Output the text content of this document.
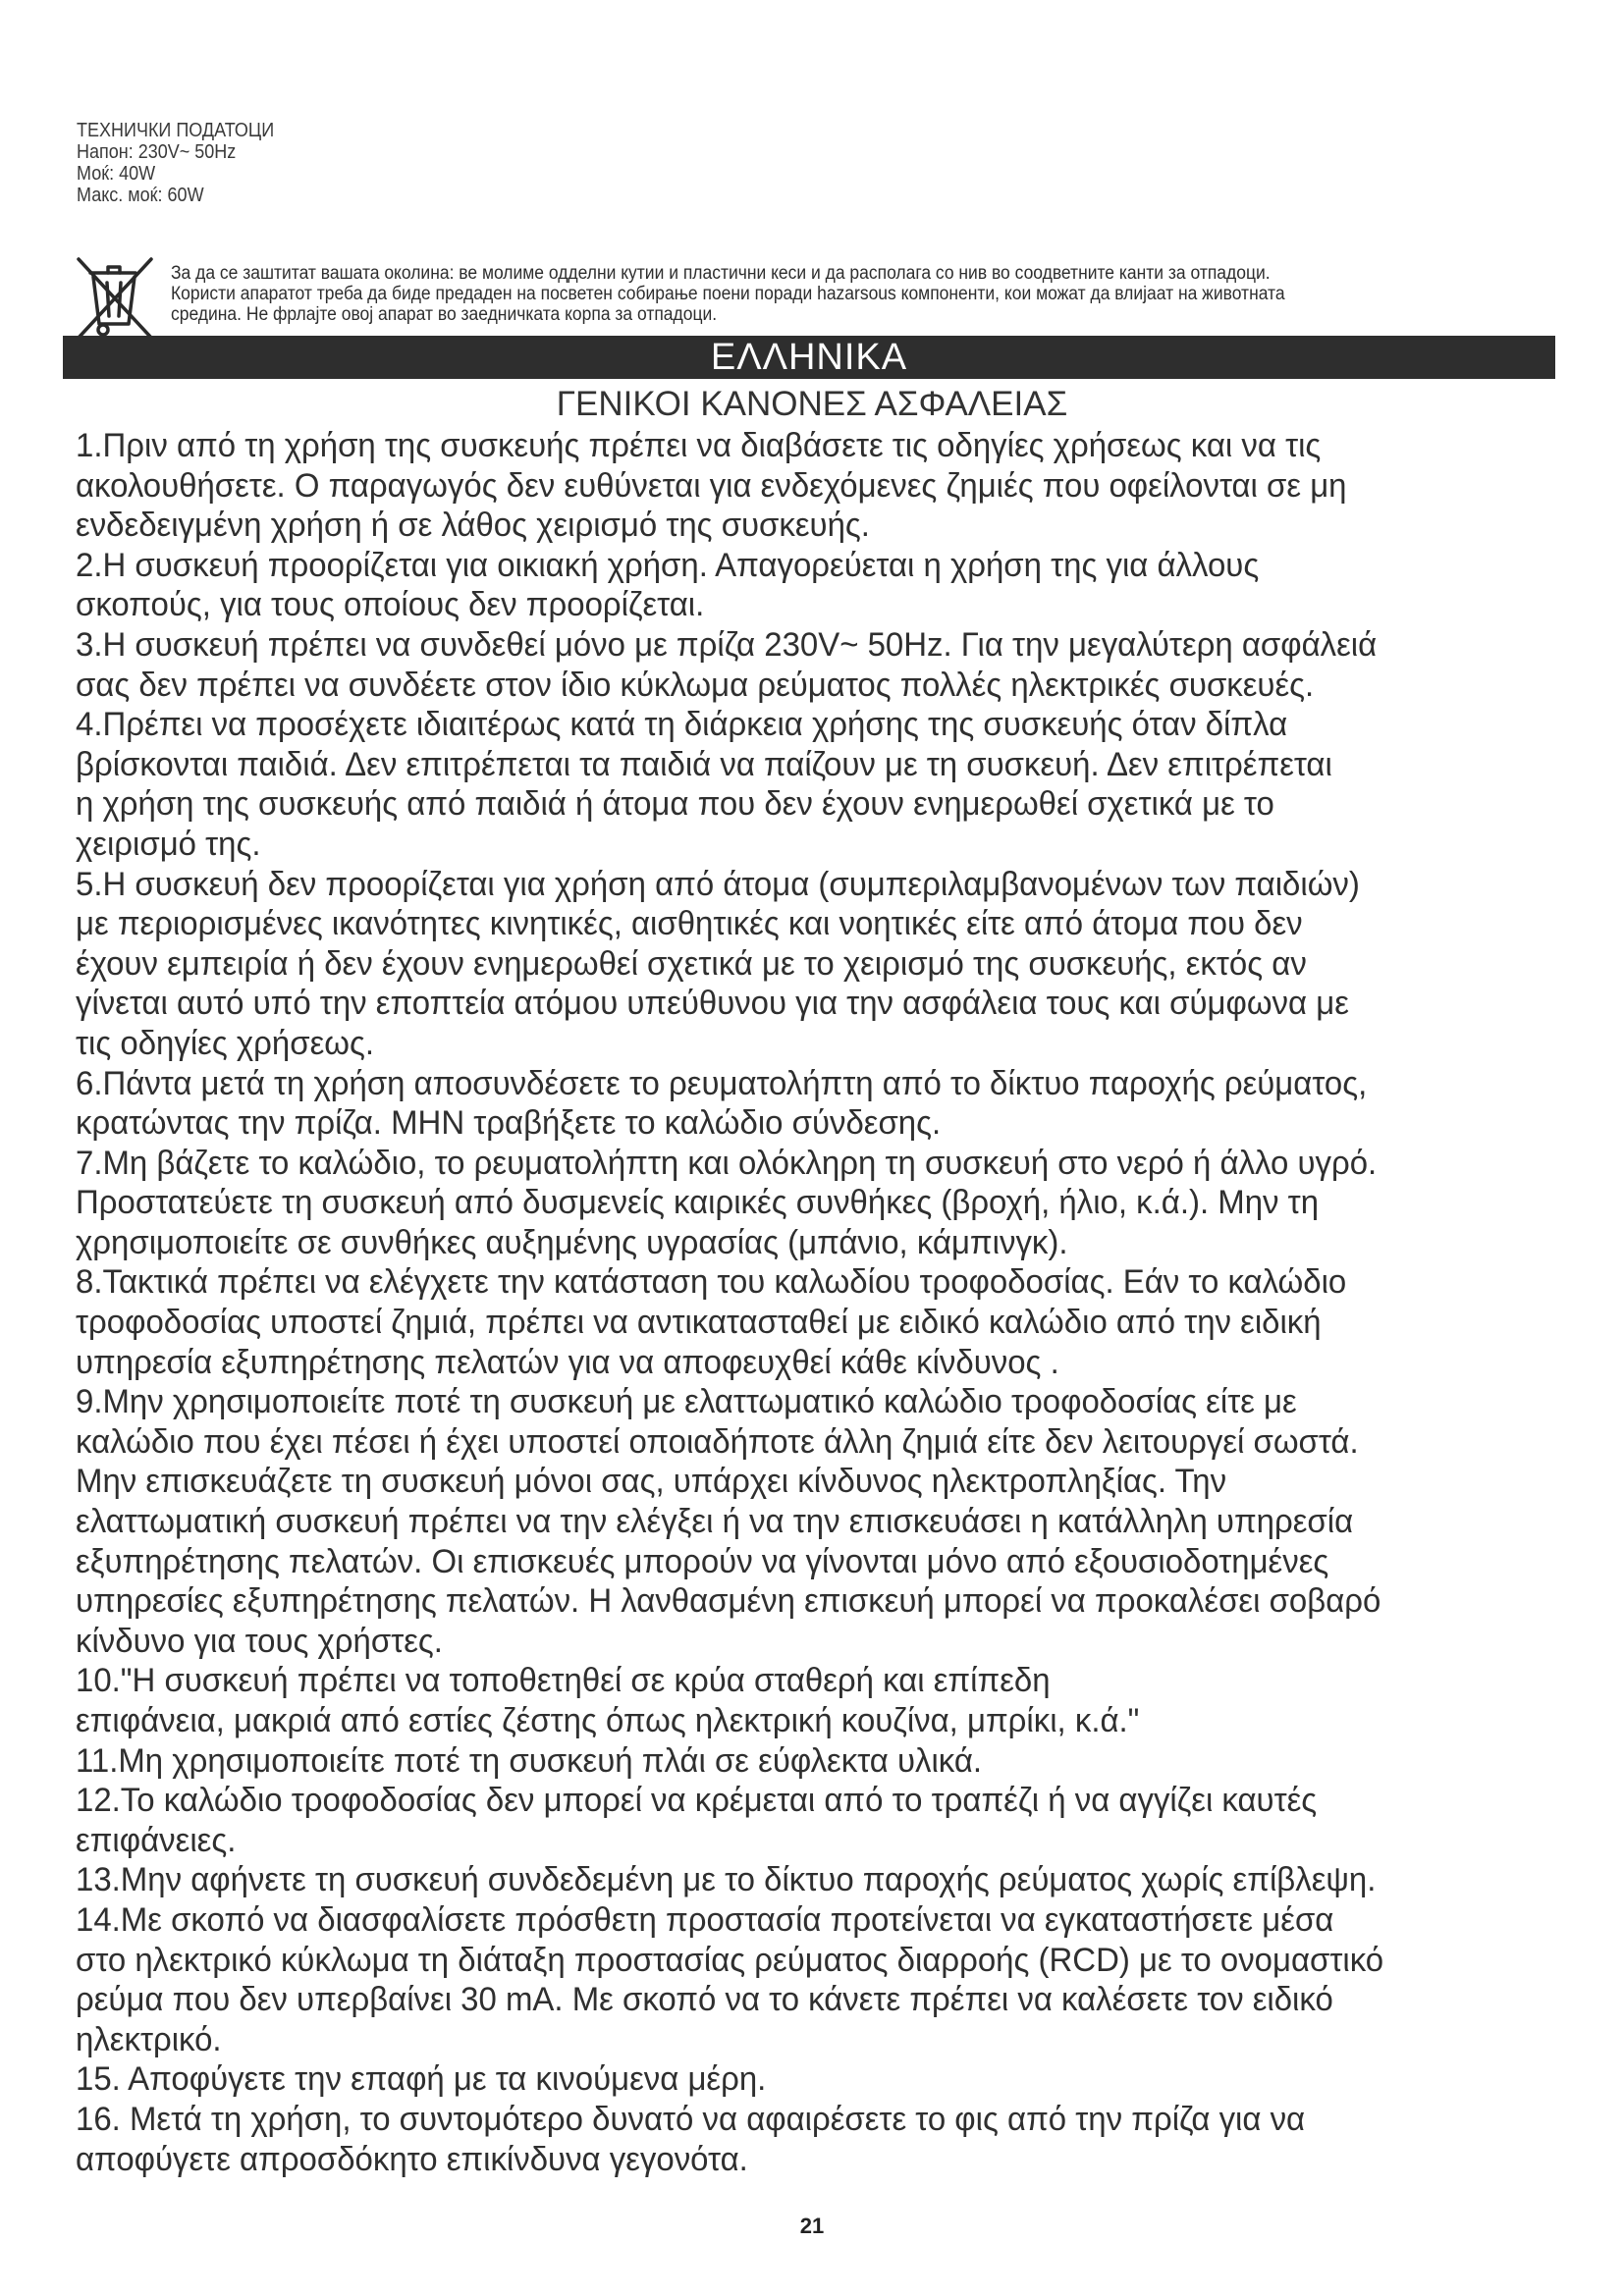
ТЕХНИЧКИ ПОДАТОЦИ
Напон: 230V~ 50Hz
Моќ: 40W
Макс. моќ: 60W
За да се заштитат вашата околина: ве молиме одделни кутии и пластични кеси и да располага со нив во соодветните канти за отпадоци.
Користи апаратот треба да биде предаден на посветен собирање поени поради hazarsous компоненти, кои можат да влијаат на животната
средина. Не фрлајте овој апарат во заедничката корпа за отпадоци.
ΕΛΛΗΝΙΚΑ
ΓΕΝΙΚΟΙ ΚΑΝΟΝΕΣ ΑΣΦΑΛΕΙΑΣ
1.Πριν από τη χρήση της συσκευής πρέπει να διαβάσετε τις οδηγίες χρήσεως και να τις
ακολουθήσετε. Ο παραγωγός δεν ευθύνεται για ενδεχόμενες ζημιές που οφείλονται σε μη
ενδεδειγμένη χρήση ή σε λάθος χειρισμό της συσκευής.
2.Η συσκευή προορίζεται για οικιακή χρήση. Απαγορεύεται η χρήση της για άλλους
σκοπούς, για τους οποίους δεν προορίζεται.
3.Η συσκευή πρέπει να συνδεθεί μόνο με πρίζα 230V~ 50Hz. Για την μεγαλύτερη ασφάλειά
σας δεν πρέπει να συνδέετε στον ίδιο κύκλωμα ρεύματος πολλές ηλεκτρικές συσκευές.
4.Πρέπει να προσέχετε ιδιαιτέρως κατά τη διάρκεια χρήσης της συσκευής όταν δίπλα
βρίσκονται παιδιά. Δεν επιτρέπεται τα παιδιά να παίζουν με τη συσκευή. Δεν επιτρέπεται
η χρήση της συσκευής από παιδιά ή άτομα που δεν έχουν ενημερωθεί σχετικά με το
χειρισμό της.
5.Η συσκευή δεν προορίζεται για χρήση από άτομα (συμπεριλαμβανομένων των παιδιών)
με περιορισμένες ικανότητες κινητικές, αισθητικές και νοητικές είτε από άτομα που δεν
έχουν εμπειρία ή δεν έχουν ενημερωθεί σχετικά με το χειρισμό της συσκευής, εκτός αν
γίνεται αυτό υπό την εποπτεία ατόμου υπεύθυνου για την ασφάλεια τους και σύμφωνα με
τις οδηγίες χρήσεως.
6.Πάντα μετά τη χρήση αποσυνδέσετε το ρευματολήπτη από το δίκτυο παροχής ρεύματος,
κρατώντας την πρίζα. ΜΗΝ τραβήξετε το καλώδιο σύνδεσης.
7.Μη βάζετε το καλώδιο, το ρευματολήπτη και ολόκληρη τη συσκευή στο νερό ή άλλο υγρό.
Προστατεύετε τη συσκευή από δυσμενείς καιρικές συνθήκες (βροχή, ήλιο, κ.ά.). Μην τη
χρησιμοποιείτε σε συνθήκες αυξημένης υγρασίας (μπάνιο, κάμπινγκ).
8.Τακτικά πρέπει να ελέγχετε την κατάσταση του καλωδίου τροφοδοσίας. Εάν το καλώδιο
τροφοδοσίας υποστεί ζημιά, πρέπει να αντικατασταθεί με ειδικό καλώδιο από την ειδική
υπηρεσία εξυπηρέτησης πελατών για να αποφευχθεί κάθε κίνδυνος .
9.Μην χρησιμοποιείτε ποτέ τη συσκευή με ελαττωματικό καλώδιο τροφοδοσίας είτε με
καλώδιο που έχει πέσει ή έχει υποστεί οποιαδήποτε άλλη ζημιά είτε δεν λειτουργεί σωστά.
Μην επισκευάζετε τη συσκευή μόνοι σας, υπάρχει κίνδυνος ηλεκτροπληξίας. Την
ελαττωματική συσκευή πρέπει να την ελέγξει ή να την επισκευάσει η κατάλληλη υπηρεσία
εξυπηρέτησης πελατών. Οι επισκευές μπορούν να γίνονται μόνο από εξουσιοδοτημένες
υπηρεσίες εξυπηρέτησης πελατών. Η λανθασμένη επισκευή μπορεί να προκαλέσει σοβαρό
κίνδυνο για τους χρήστες.
10."Η συσκευή πρέπει να τοποθετηθεί σε κρύα σταθερή και επίπεδη
επιφάνεια, μακριά από εστίες ζέστης όπως ηλεκτρική κουζίνα, μπρίκι, κ.ά."
11.Μη χρησιμοποιείτε ποτέ τη συσκευή πλάι σε εύφλεκτα υλικά.
12.Το καλώδιο τροφοδοσίας δεν μπορεί να κρέμεται από το τραπέζι ή να αγγίζει καυτές
επιφάνειες.
13.Μην αφήνετε τη συσκευή συνδεδεμένη με το δίκτυο παροχής ρεύματος χωρίς επίβλεψη.
14.Με σκοπό να διασφαλίσετε πρόσθετη προστασία προτείνεται να εγκαταστήσετε μέσα
στο ηλεκτρικό κύκλωμα τη διάταξη προστασίας ρεύματος διαρροής (RCD) με το ονομαστικό
ρεύμα που δεν υπερβαίνει 30 mA. Με σκοπό να το κάνετε πρέπει να καλέσετε τον ειδικό
ηλεκτρικό.
15. Αποφύγετε την επαφή με τα κινούμενα μέρη.
16. Μετά τη χρήση, το συντομότερο δυνατό να αφαιρέσετε το φις από την πρίζα για να
αποφύγετε απροσδόκητο επικίνδυνα γεγονότα.
21
